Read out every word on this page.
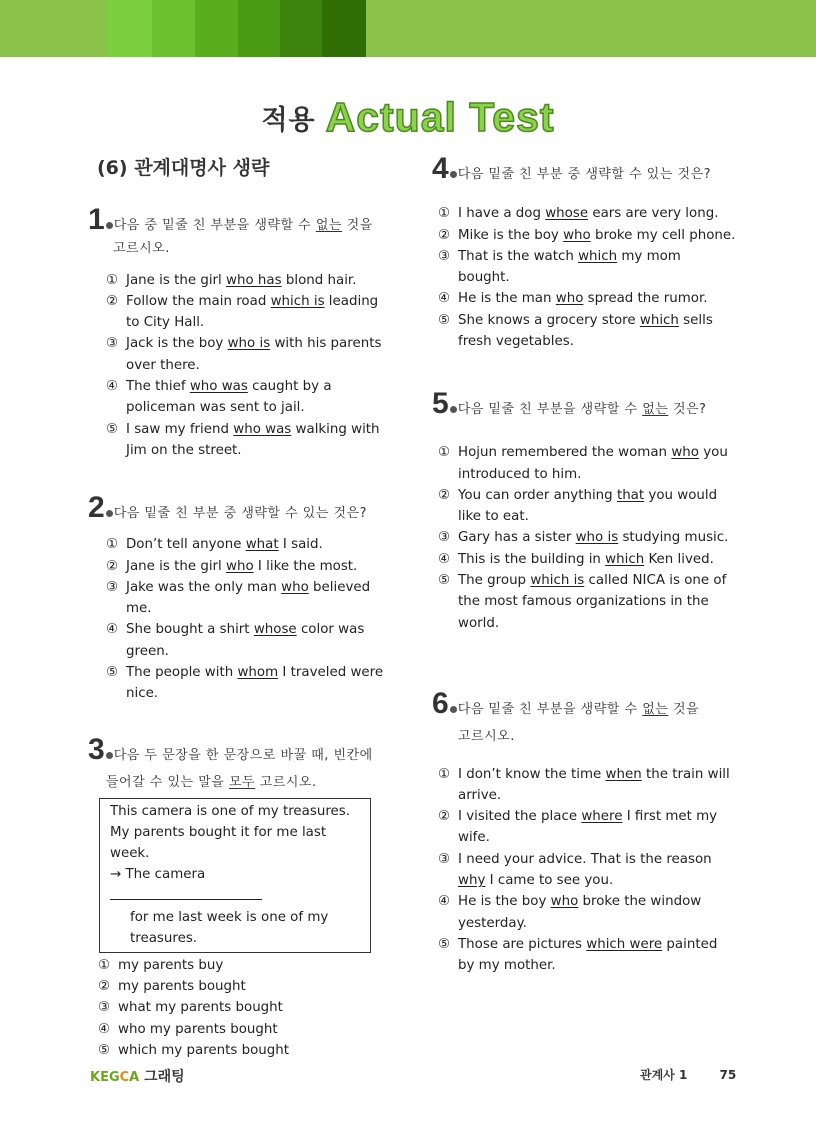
적용 Actual Test
(6) 관계대명사 생략
1 다음 중 밑줄 친 부분을 생략할 수 없는 것을
고르시오.
① Jane is the girl who has blond hair.
② Follow the main road which is leading to City Hall.
③ Jack is the boy who is with his parents over there.
④ The thief who was caught by a policeman was sent to jail.
⑤ I saw my friend who was walking with Jim on the street.
2 다음 밑줄 친 부분 중 생략할 수 있는 것은?
① Don’t tell anyone what I said.
② Jane is the girl who I like the most.
③ Jake was the only man who believed me.
④ She bought a shirt whose color was green.
⑤ The people with whom I traveled were nice.
3 다음 두 문장을 한 문장으로 바꿀 때, 빈칸에
들어갈 수 있는 말을 모두 고르시오.
This camera is one of my treasures.
My parents bought it for me last
week.
→ The camera
for me last week is one of my
treasures.
① my parents buy
② my parents bought
③ what my parents bought
④ who my parents bought
⑤ which my parents bought
4 다음 밑줄 친 부분 중 생략할 수 있는 것은?
① I have a dog whose ears are very long.
② Mike is the boy who broke my cell phone.
③ That is the watch which my mom bought.
④ He is the man who spread the rumor.
⑤ She knows a grocery store which sells fresh vegetables.
5 다음 밑줄 친 부분을 생략할 수 없는 것은?
① Hojun remembered the woman who you introduced to him.
② You can order anything that you would like to eat.
③ Gary has a sister who is studying music.
④ This is the building in which Ken lived.
⑤ The group which is called NICA is one of the most famous organizations in the world.
6 다음 밑줄 친 부분을 생략할 수 없는 것을
고르시오.
① I don’t know the time when the train will arrive.
② I visited the place where I first met my wife.
③ I need your advice. That is the reason why I came to see you.
④ He is the boy who broke the window yesterday.
⑤ Those are pictures which were painted by my mother.
KEGCA 그래팅	관계사 1	75
